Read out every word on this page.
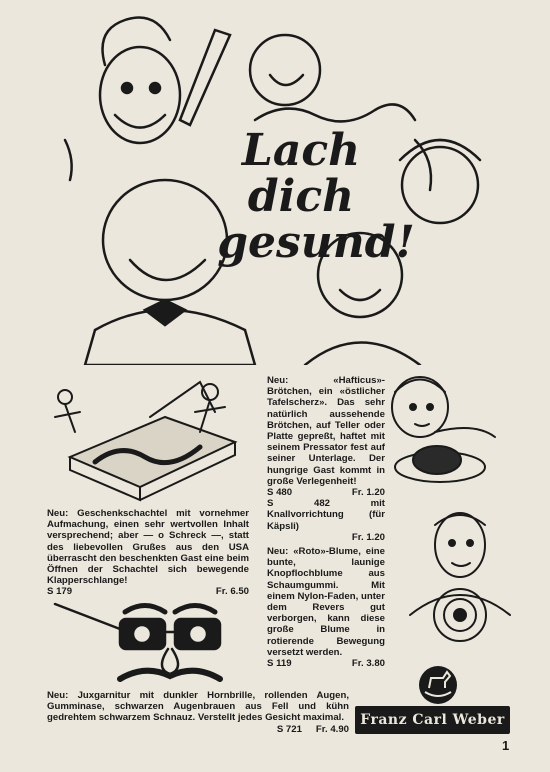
Lach dich
gesund!
Neu: Geschenkschachtel mit vornehmer Aufmachung, einen sehr wertvollen Inhalt versprechend; aber — o Schreck —, statt des liebevollen Grußes aus den USA überrascht den beschenkten Gast eine beim Öffnen der Schachtel sich bewegende Klapperschlange!
S 179	Fr. 6.50
Neu: Juxgarnitur mit dunkler Hornbrille, rollenden Augen, Gumminase, schwarzen Augenbrauen aus Fell und kühn gedrehtem schwarzem Schnauz. Verstellt jedes Gesicht maximal.
S 721 Fr. 4.90
Neu: «Hafticus»-Brötchen, ein «östlicher Tafelscherz». Das sehr natürlich aussehende Brötchen, auf Teller oder Platte gepreßt, haftet mit seinem Pressator fest auf seiner Unterlage. Der hungrige Gast kommt in große Verlegenheit!
S 480	Fr. 1.20
S 482 mit Knallvorrichtung (für Käpsli)
Fr. 1.20
Neu: «Roto»-Blume, eine bunte, launige Knopflochblume aus Schaumgummi. Mit einem Nylon-Faden, unter dem Revers gut verborgen, kann diese große Blume in rotierende Bewegung versetzt werden.
S 119	Fr. 3.80
Franz Carl Weber
1
